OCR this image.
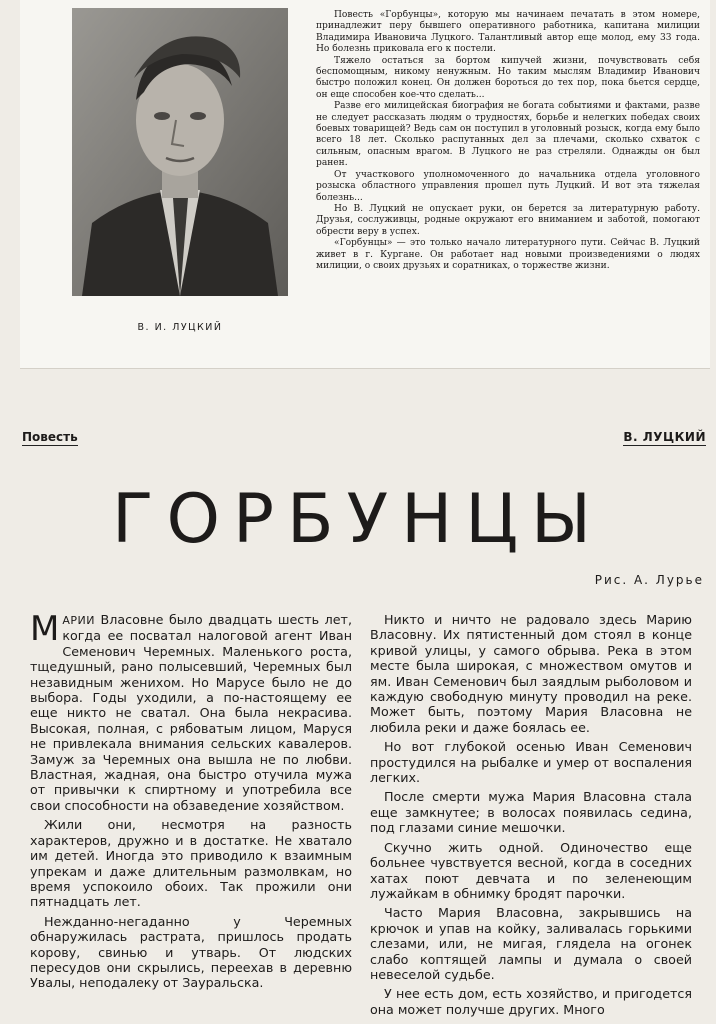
В. И. ЛУЦКИЙ

Повесть «Горбунцы», которую мы начинаем печатать в этом номере, принадлежит перу бывшего оперативного работника, капитана милиции Владимира Ивановича Луцкого. Талантливый автор еще молод, ему 33 года. Но болезнь приковала его к постели.

Тяжело остаться за бортом кипучей жизни, почувствовать себя беспомощным, никому ненужным. Но таким мыслям Владимир Иванович быстро положил конец. Он должен бороться до тех пор, пока бьется сердце, он еще способен кое-что сделать...

Разве его милицейская биография не богата событиями и фактами, разве не следует рассказать людям о трудностях, борьбе и нелегких победах своих боевых товарищей? Ведь сам он поступил в уголовный розыск, когда ему было всего 18 лет. Сколько распутанных дел за плечами, сколько схваток с сильным, опасным врагом. В Луцкого не раз стреляли. Однажды он был ранен.

От участкового уполномоченного до начальника отдела уголовного розыска областного управления прошел путь Луцкий. И вот эта тяжелая болезнь...

Но В. Луцкий не опускает руки, он берется за литературную работу. Друзья, сослуживцы, родные окружают его вниманием и заботой, помогают обрести веру в успех.

«Горбунцы» — это только начало литературного пути. Сейчас В. Луцкий живет в г. Кургане. Он работает над новыми произведениями о людях милиции, о своих друзьях и соратниках, о торжестве жизни.

Повесть	В. ЛУЦКИЙ
ГОРБУНЦЫ
Рис. А. Лурье

МАРИИ Власовне было двадцать шесть лет, когда ее посватал налоговой агент Иван Семенович Черемных. Маленького роста, тщедушный, рано полысевший, Черемных был незавидным женихом. Но Марусе было не до выбора. Годы уходили, а по-настоящему ее еще никто не сватал. Она была некрасива. Высокая, полная, с рябоватым лицом, Маруся не привлекала внимания сельских кавалеров. Замуж за Черемных она вышла не по любви. Властная, жадная, она быстро отучила мужа от привычки к спиртному и употребила все свои способности на обзаведение хозяйством.

Жили они, несмотря на разность характеров, дружно и в достатке. Не хватало им детей. Иногда это приводило к взаимным упрекам и даже длительным размолвкам, но время успокоило обоих. Так прожили они пятнадцать лет.

Нежданно-негаданно у Черемных обнаружилась растрата, пришлось продать корову, свинью и утварь. От людских пересудов они скрылись, переехав в деревню Увалы, неподалеку от Зауральска.

Никто и ничто не радовало здесь Марию Власовну. Их пятистенный дом стоял в конце кривой улицы, у самого обрыва. Река в этом месте была широкая, с множеством омутов и ям. Иван Семенович был заядлым рыболовом и каждую свободную минуту проводил на реке. Может быть, поэтому Мария Власовна не любила реки и даже боялась ее.

Но вот глубокой осенью Иван Семенович простудился на рыбалке и умер от воспаления легких.

После смерти мужа Мария Власовна стала еще замкнутее; в волосах появилась седина, под глазами синие мешочки.

Скучно жить одной. Одиночество еще больнее чувствуется весной, когда в соседних хатах поют девчата и по зеленеющим лужайкам в обнимку бродят парочки.

Часто Мария Власовна, закрывшись на крючок и упав на койку, заливалась горькими слезами, или, не мигая, глядела на огонек слабо коптящей лампы и думала о своей невеселой судьбе.

У нее есть дом, есть хозяйство, и пригодется она может получше других. Много
